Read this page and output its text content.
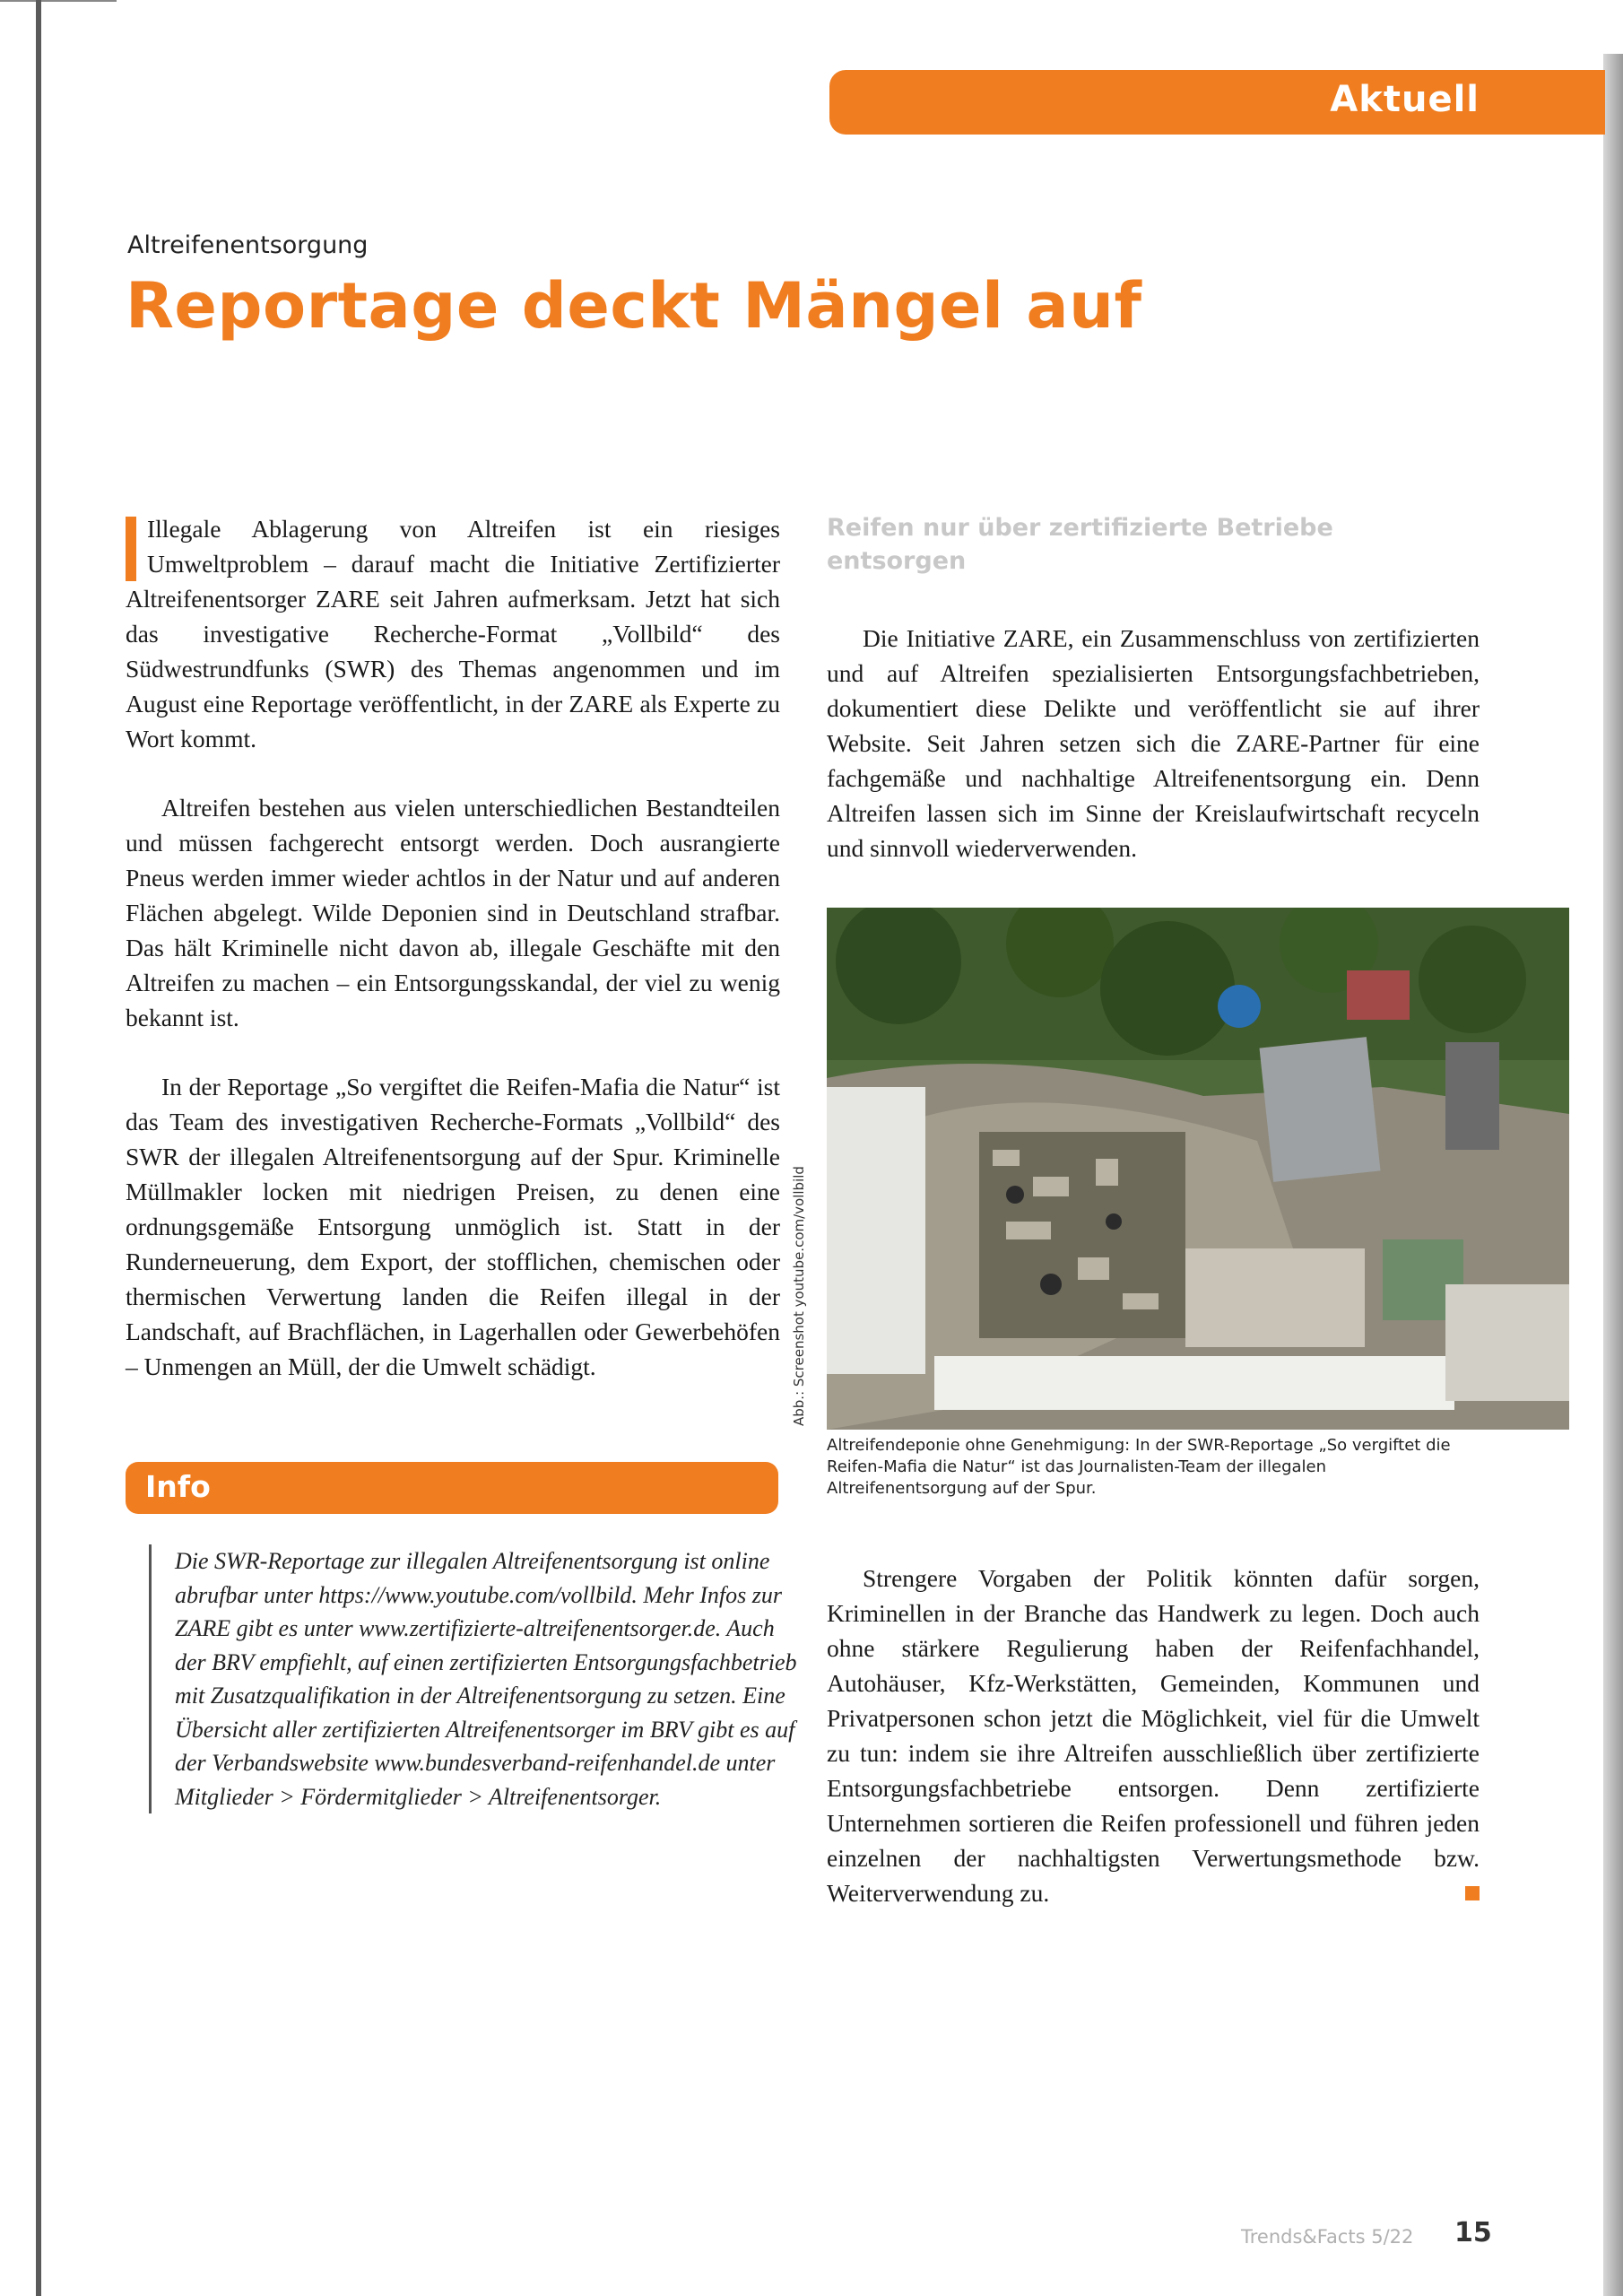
Aktuell
Altreifenentsorgung
Reportage deckt Mängel auf

Illegale Ablagerung von Altreifen ist ein riesiges Umweltproblem – darauf macht die Initiative Zertifizierter Altreifenentsorger ZARE seit Jahren aufmerksam. Jetzt hat sich das investigative Recherche-Format „Vollbild“ des Südwestrundfunks (SWR) des Themas angenommen und im August eine Reportage veröffentlicht, in der ZARE als Experte zu Wort kommt.

Altreifen bestehen aus vielen unterschiedlichen Bestandteilen und müssen fachgerecht entsorgt werden. Doch ausrangierte Pneus werden immer wieder achtlos in der Natur und auf anderen Flächen abgelegt. Wilde Deponien sind in Deutschland strafbar. Das hält Kriminelle nicht davon ab, illegale Geschäfte mit den Altreifen zu machen – ein Entsorgungsskandal, der viel zu wenig bekannt ist.

In der Reportage „So vergiftet die Reifen-Mafia die Natur“ ist das Team des investigativen Recherche-Formats „Vollbild“ des SWR der illegalen Altreifenentsorgung auf der Spur. Kriminelle Müllmakler locken mit niedrigen Preisen, zu denen eine ordnungsgemäße Entsorgung unmöglich ist. Statt in der Runderneuerung, dem Export, der stofflichen, chemischen oder thermischen Verwertung landen die Reifen illegal in der Landschaft, auf Brachflächen, in Lagerhallen oder Gewerbehöfen – Unmengen an Müll, der die Umwelt schädigt.

Reifen nur über zertifizierte Betriebe entsorgen

Die Initiative ZARE, ein Zusammenschluss von zertifizierten und auf Altreifen spezialisierten Entsorgungsfachbetrieben, dokumentiert diese Delikte und veröffentlicht sie auf ihrer Website. Seit Jahren setzen sich die ZARE-Partner für eine fachgemäße und nachhaltige Altreifenentsorgung ein. Denn Altreifen lassen sich im Sinne der Kreislaufwirtschaft recyceln und sinnvoll wiederverwenden.

Abb.: Screenshot youtube.com/vollbild
Altreifendeponie ohne Genehmigung: In der SWR-Reportage „So vergiftet die Reifen-Mafia die Natur“ ist das Journalisten-Team der illegalen Altreifenentsorgung auf der Spur.
Info

Die SWR-Reportage zur illegalen Altreifenentsorgung ist online abrufbar unter https://www.youtube.com/vollbild. Mehr Infos zur ZARE gibt es unter www.zertifizierte-altreifenentsorger.de. Auch der BRV empfiehlt, auf einen zertifizierten Entsorgungsfachbetrieb mit Zusatzqualifikation in der Altreifenentsorgung zu setzen. Eine Übersicht aller zertifizierten Altreifenentsorger im BRV gibt es auf der Verbandswebsite www.bundesverband-reifenhandel.de unter Mitglieder > Fördermitglieder > Altreifenentsorger.

Strengere Vorgaben der Politik könnten dafür sorgen, Kriminellen in der Branche das Handwerk zu legen. Doch auch ohne stärkere Regulierung haben der Reifenfachhandel, Autohäuser, Kfz-Werkstätten, Gemeinden, Kommunen und Privatpersonen schon jetzt die Möglichkeit, viel für die Umwelt zu tun: indem sie ihre Altreifen ausschließlich über zertifizierte Entsorgungsfachbetriebe entsorgen. Denn zertifizierte Unternehmen sortieren die Reifen professionell und führen jeden einzelnen der nachhaltigsten Verwertungsmethode bzw. Weiterverwendung zu.

Trends&Facts 5/22 15
